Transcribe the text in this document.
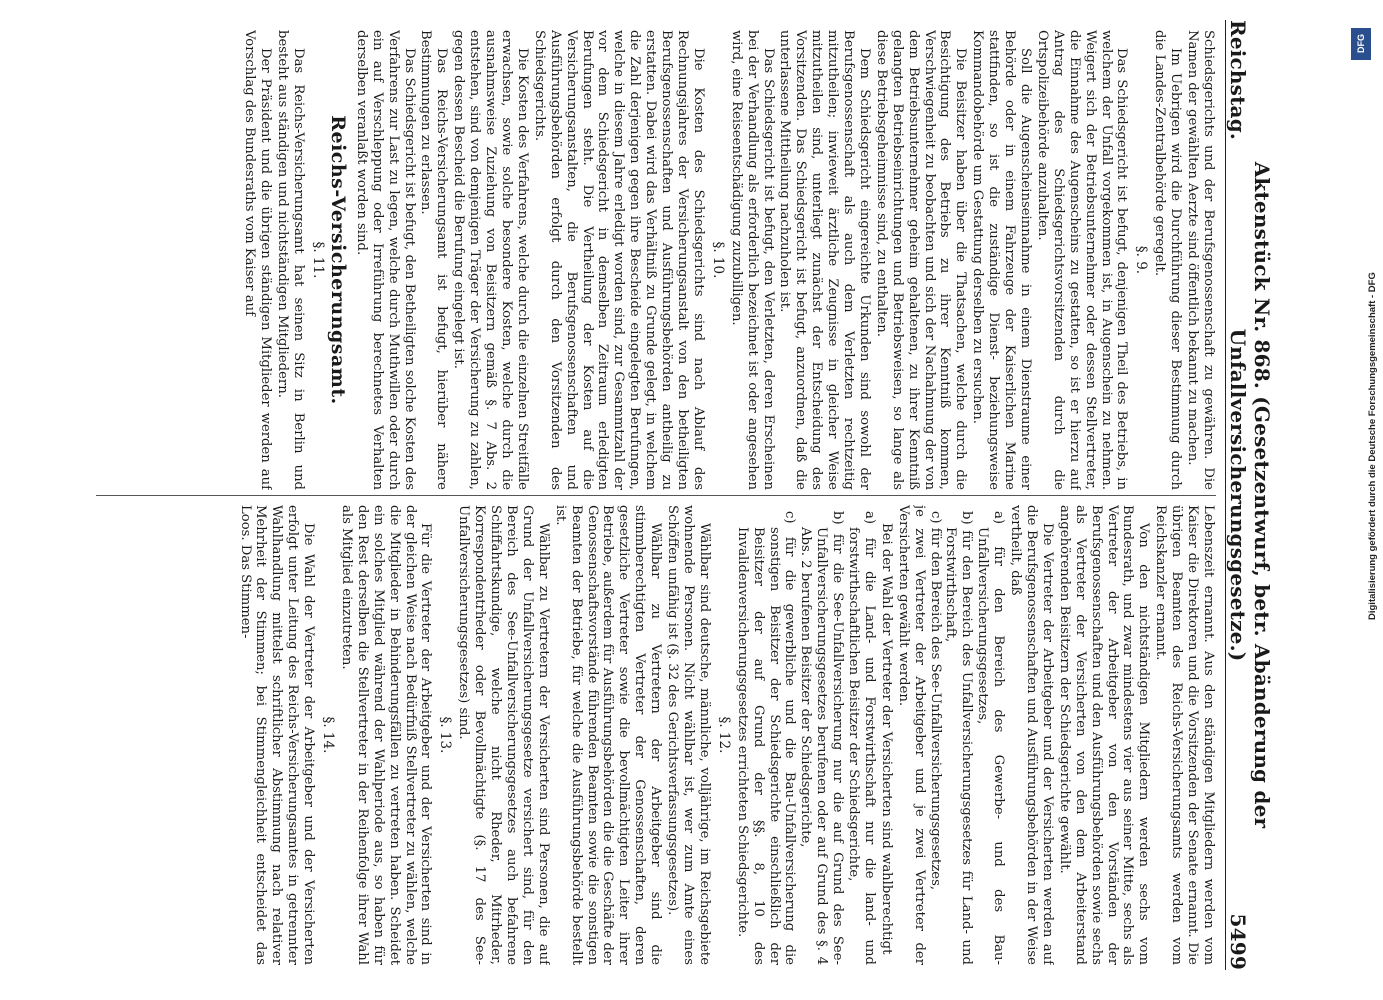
Reichstag.
Aktenstück Nr. 868. (Gesetzentwurf, betr. Abänderung der Unfallversicherungsgesetze.)
5499

Schiedsgerichts und der Berufsgenossenschaft zu gewähren. Die Namen der gewählten Aerzte sind öffentlich bekannt zu machen.

Im Uebrigen wird die Durchführung dieser Bestimmung durch die Landes-Zentralbehörde geregelt.

§. 9.

Das Schiedsgericht ist befugt, denjenigen Theil des Betriebs, in welchem der Unfall vorgekommen ist, in Augenschein zu nehmen. Weigert sich der Betriebsunternehmer oder dessen Stellvertreter, die Einnahme des Augenscheins zu gestatten, so ist er hierzu auf Antrag des Schiedsgerichtsvorsitzenden durch die Ortspolizeibehörde anzuhalten.

Soll die Augenscheinseinnahme in einem Dienstraume einer Behörde oder in einem Fahrzeuge der Kaiserlichen Marine stattfinden, so ist die zuständige Dienst- beziehungsweise Kommandobehörde um Gestattung derselben zu ersuchen.

Die Beisitzer haben über die Thatsachen, welche durch die Besichtigung des Betriebs zu ihrer Kenntniß kommen, Verschwiegenheit zu beobachten und sich der Nachahmung der von dem Betriebsunternehmer geheim gehaltenen, zu ihrer Kenntniß gelangten Betriebseinrichtungen und Betriebsweisen, so lange als diese Betriebsgeheimnisse sind, zu enthalten.

Dem Schiedsgericht eingereichte Urkunden sind sowohl der Berufsgenossenschaft als auch dem Verletzten rechtzeitig mitzutheilen; inwieweit ärztliche Zeugnisse in gleicher Weise mitzutheilen sind, unterliegt zunächst der Entscheidung des Vorsitzenden. Das Schiedsgericht ist befugt, anzuordnen, daß die unterlassene Mittheilung nachzuholen ist.

Das Schiedsgericht ist befugt, den Verletzten, deren Erscheinen bei der Verhandlung als erforderlich bezeichnet ist oder angesehen wird, eine Reiseentschädigung zuzubilligen.

§. 10.

Die Kosten des Schiedsgerichts sind nach Ablauf des Rechnungsjahres der Versicherungsanstalt von den betheiligten Berufsgenossenschaften und Ausführungsbehörden antheilig zu erstatten. Dabei wird das Verhältniß zu Grunde gelegt, in welchem die Zahl derjenigen gegen ihre Bescheide eingelegten Berufungen, welche in diesem Jahre erledigt worden sind, zur Gesammtzahl der vor dem Schiedsgericht in demselben Zeitraum erledigten Berufungen steht. Die Vertheilung der Kosten auf die Versicherungsanstalten, die Berufsgenossenschaften und Ausführungsbehörden erfolgt durch den Vorsitzenden des Schiedsgerichts.

Die Kosten des Verfahrens, welche durch die einzelnen Streitfälle erwachsen, sowie solche besondere Kosten, welche durch die ausnahmsweise Zuziehung von Beisitzern gemäß §. 7 Abs. 2 entstehen, sind von demjenigen Träger der Versicherung zu zahlen, gegen dessen Bescheid die Berufung eingelegt ist.

Das Reichs-Versicherungsamt ist befugt, hierüber nähere Bestimmungen zu erlassen.

Das Schiedsgericht ist befugt, den Betheiligten solche Kosten des Verfahrens zur Last zu legen, welche durch Muthwillen oder durch ein auf Verschleppung oder Irreführung berechnetes Verhalten derselben veranlaßt worden sind.

Reichs-Versicherungsamt.
§. 11.

Das Reichs-Versicherungsamt hat seinen Sitz in Berlin und besteht aus ständigen und nichtständigen Mitgliedern.

Der Präsident und die übrigen ständigen Mitglieder werden auf Vorschlag des Bundesraths vom Kaiser auf

Lebenszeit ernannt. Aus den ständigen Mitgliedern werden vom Kaiser die Direktoren und die Vorsitzenden der Senate ernannt. Die übrigen Beamten des Reichs-Versicherungsamts werden vom Reichskanzler ernannt.

Von den nichtständigen Mitgliedern werden sechs vom Bundesrath, und zwar mindestens vier aus seiner Mitte, sechs als Vertreter der Arbeitgeber von den Vorständen der Berufsgenossenschaften und den Ausführungsbehörden sowie sechs als Vertreter der Versicherten von den dem Arbeiterstand angehörenden Beisitzern der Schiedsgerichte gewählt.

Die Vertreter der Arbeitgeber und der Versicherten werden auf die Berufsgenossenschaften und Ausführungsbehörden in der Weise vertheilt, daß

a) für den Bereich des Gewerbe- und des Bau-Unfallversicherungsgesetzes,

b) für den Bereich des Unfallversicherungsgesetzes für Land- und Forstwirthschaft,

c) für den Bereich des See-Unfallversicherungsgesetzes,

je zwei Vertreter der Arbeitgeber und je zwei Vertreter der Versicherten gewählt werden.

Bei der Wahl der Vertreter der Versicherten sind wahlberechtigt

a) für die Land- und Forstwirthschaft nur die land- und forstwirthschaftlichen Beisitzer der Schiedsgerichte,

b) für die See-Unfallversicherung nur die auf Grund des See-Unfallversicherungsgesetzes berufenen oder auf Grund des §. 4 Abs. 2 berufenen Beisitzer der Schiedsgerichte,

c) für die gewerbliche und die Bau-Unfallversicherung die sonstigen Beisitzer der Schiedsgerichte einschließlich der Beisitzer der auf Grund der §§. 8, 10 des Invalidenversicherungsgesetzes errichteten Schiedsgerichte.

§. 12.

Wählbar sind deutsche, männliche, volljährige, im Reichsgebiete wohnende Personen. Nicht wählbar ist, wer zum Amte eines Schöffen unfähig ist (§. 32 des Gerichtsverfassungsgesetzes).

Wählbar zu Vertretern der Arbeitgeber sind die stimmberechtigten Vertreter der Genossenschaften, deren gesetzliche Vertreter sowie die bevollmächtigten Leiter ihrer Betriebe, außerdem für Ausführungsbehörden die die Geschäfte der Genossenschaftsvorstände führenden Beamten sowie die sonstigen Beamten der Betriebe, für welche die Ausführungsbehörde bestellt ist.

Wählbar zu Vertretern der Versicherten sind Personen, die auf Grund der Unfallversicherungsgesetze versichert sind, für den Bereich des See-Unfallversicherungsgesetzes auch befahrene Schiffahrtskundige, welche nicht Rheder, Mitrheder, Korrespondentrheder oder Bevollmächtigte (§. 17 des See-Unfallversicherungsgesetzes) sind.

§. 13.

Für die Vertreter der Arbeitgeber und der Versicherten sind in der gleichen Weise nach Bedürfniß Stellvertreter zu wählen, welche die Mitglieder in Behinderungsfällen zu vertreten haben. Scheidet ein solches Mitglied während der Wahlperiode aus, so haben für den Rest derselben die Stellvertreter in der Reihenfolge ihrer Wahl als Mitglied einzutreten.

§. 14.

Die Wahl der Vertreter der Arbeitgeber und der Versicherten erfolgt unter Leitung des Reichs-Versicherungsamtes in getrennter Wahlhandlung mittelst schriftlicher Abstimmung nach relativer Mehrheit der Stimmen; bei Stimmengleichheit entscheidet das Loos. Das Stimmen-

DFG
Digitalisierung gefördert durch die Deutsche Forschungsgemeinschaft - DFG
